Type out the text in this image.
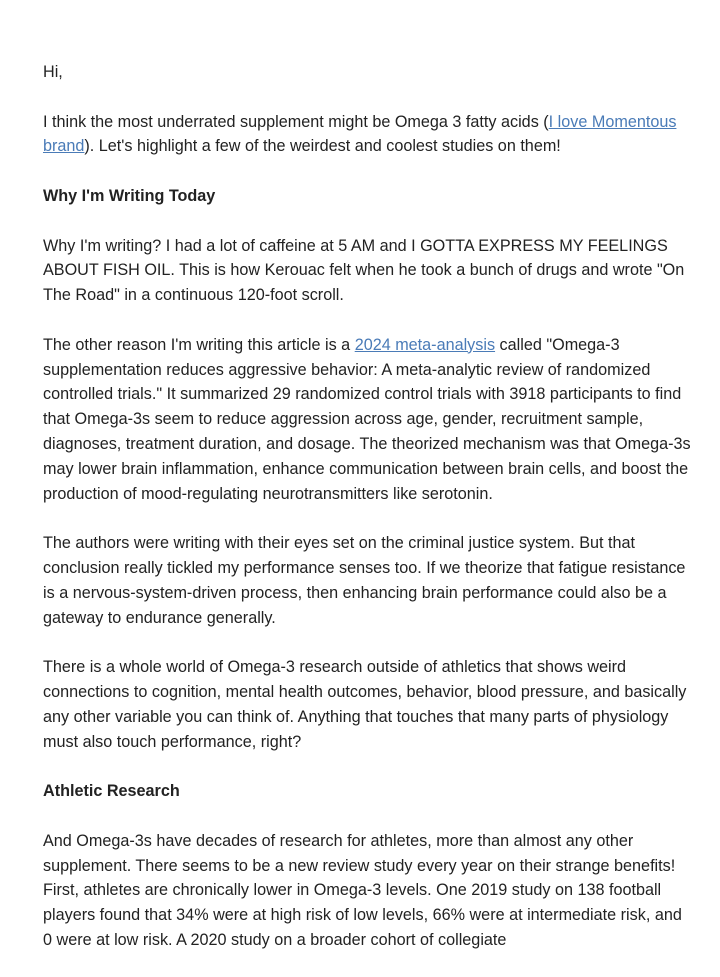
Hi,

I think the most underrated supplement might be Omega 3 fatty acids (I love Momentous brand). Let's highlight a few of the weirdest and coolest studies on them!

Why I'm Writing Today

Why I'm writing? I had a lot of caffeine at 5 AM and I GOTTA EXPRESS MY FEELINGS ABOUT FISH OIL. This is how Kerouac felt when he took a bunch of drugs and wrote "On The Road" in a continuous 120-foot scroll.

The other reason I'm writing this article is a 2024 meta-analysis called "Omega-3 supplementation reduces aggressive behavior: A meta-analytic review of randomized controlled trials." It summarized 29 randomized control trials with 3918 participants to find that Omega-3s seem to reduce aggression across age, gender, recruitment sample, diagnoses, treatment duration, and dosage. The theorized mechanism was that Omega-3s may lower brain inflammation, enhance communication between brain cells, and boost the production of mood-regulating neurotransmitters like serotonin.

The authors were writing with their eyes set on the criminal justice system. But that conclusion really tickled my performance senses too. If we theorize that fatigue resistance is a nervous-system-driven process, then enhancing brain performance could also be a gateway to endurance generally.

There is a whole world of Omega-3 research outside of athletics that shows weird connections to cognition, mental health outcomes, behavior, blood pressure, and basically any other variable you can think of. Anything that touches that many parts of physiology must also touch performance, right?

Athletic Research

And Omega-3s have decades of research for athletes, more than almost any other supplement. There seems to be a new review study every year on their strange benefits! First, athletes are chronically lower in Omega-3 levels. One 2019 study on 138 football players found that 34% were at high risk of low levels, 66% were at intermediate risk, and 0 were at low risk. A 2020 study on a broader cohort of collegiate
